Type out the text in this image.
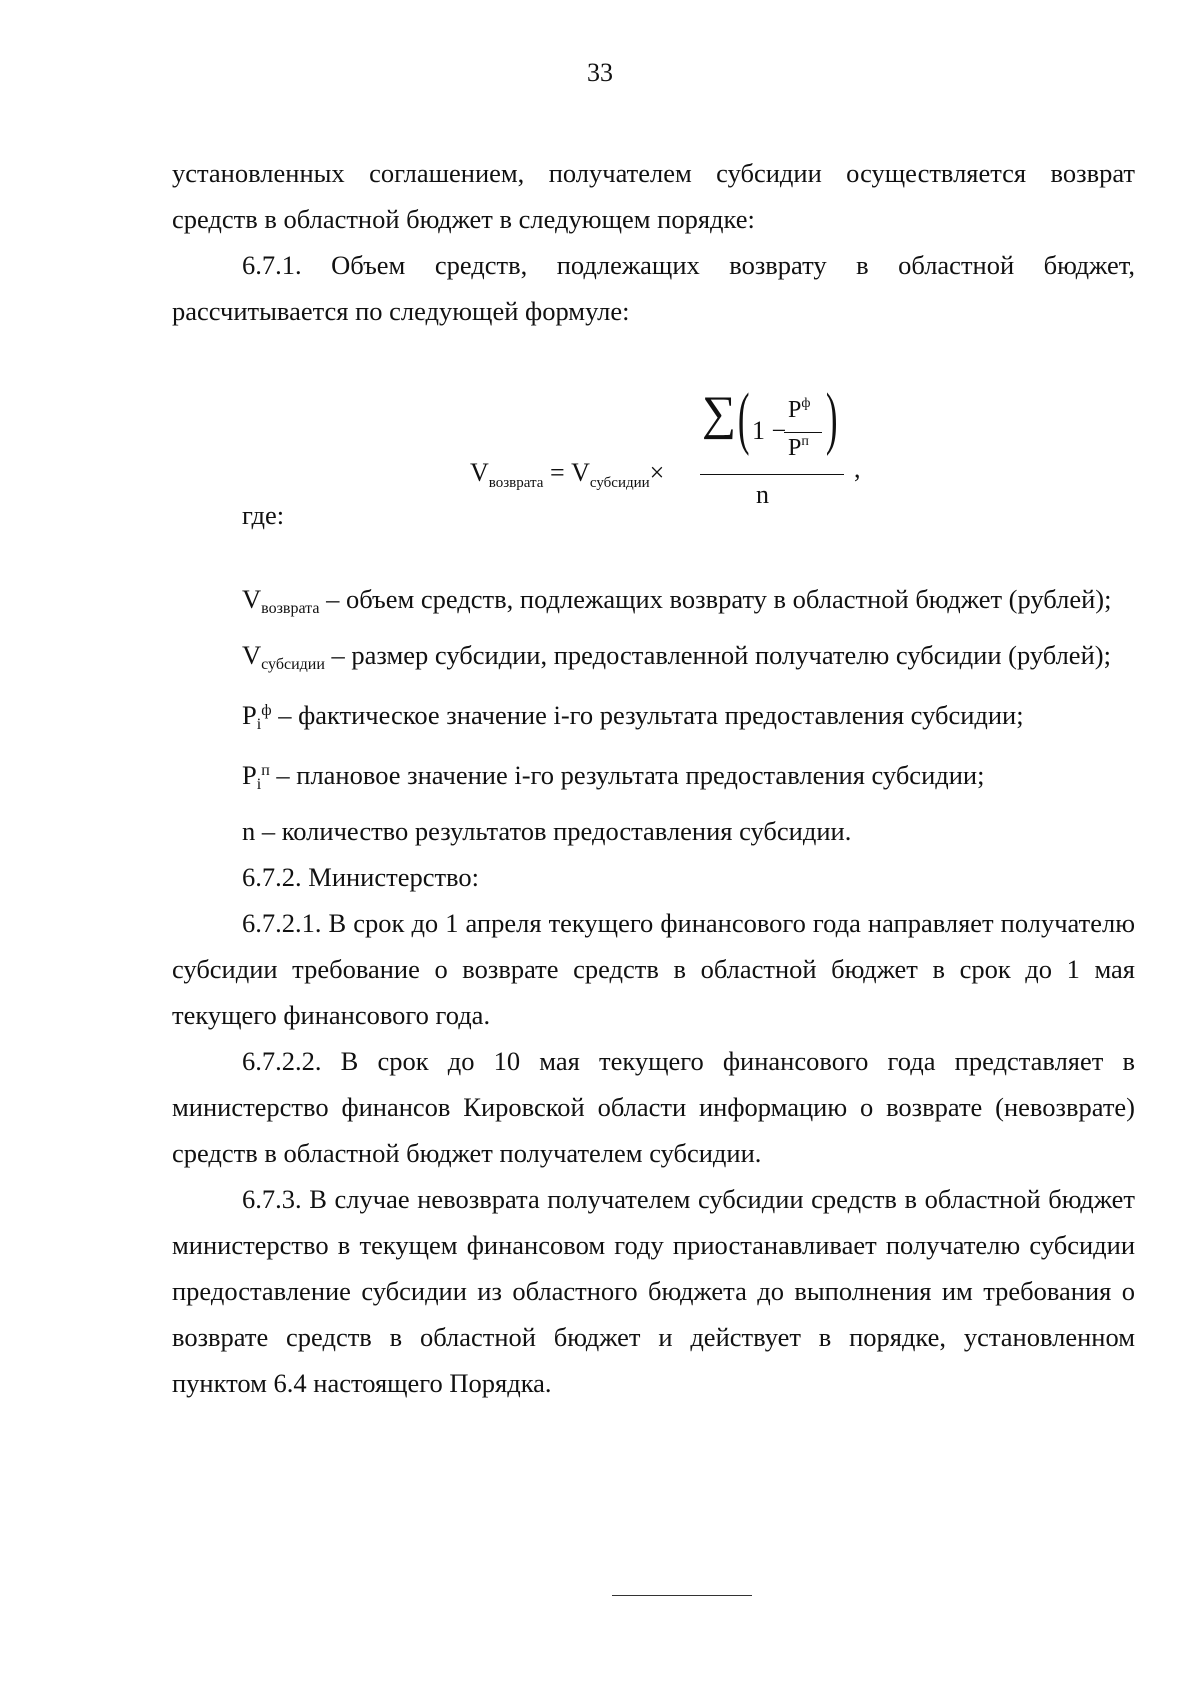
33

установленных соглашением, получателем субсидии осуществляется возврат средств в областной бюджет в следующем порядке:

6.7.1. Объем средств, подлежащих возврату в областной бюджет, рассчитывается по следующей формуле:

$V_{возврата} = V_{субсидии}\times$
∑ ( 1 −
$P^ф$
$P^п$ )
n
,

где:

Vвозврата – объем средств, подлежащих возврату в областной бюджет (рублей);

Vсубсидии – размер субсидии, предоставленной получателю субсидии (рублей);

$Pi^ф$ – фактическое значение i-го результата предоставления субсидии;

$Pi^п$ – плановое значение i-го результата предоставления субсидии;

n – количество результатов предоставления субсидии.

6.7.2. Министерство:

6.7.2.1. В срок до 1 апреля текущего финансового года направляет получателю субсидии требование о возврате средств в областной бюджет в срок до 1 мая текущего финансового года.

6.7.2.2. В срок до 10 мая текущего финансового года представляет в министерство финансов Кировской области информацию о возврате (невозврате) средств в областной бюджет получателем субсидии.

6.7.3. В случае невозврата получателем субсидии средств в областной бюджет министерство в текущем финансовом году приостанавливает получателю субсидии предоставление субсидии из областного бюджета до выполнения им требования о возврате средств в областной бюджет и действует в порядке, установленном пунктом 6.4 настоящего Порядка.
